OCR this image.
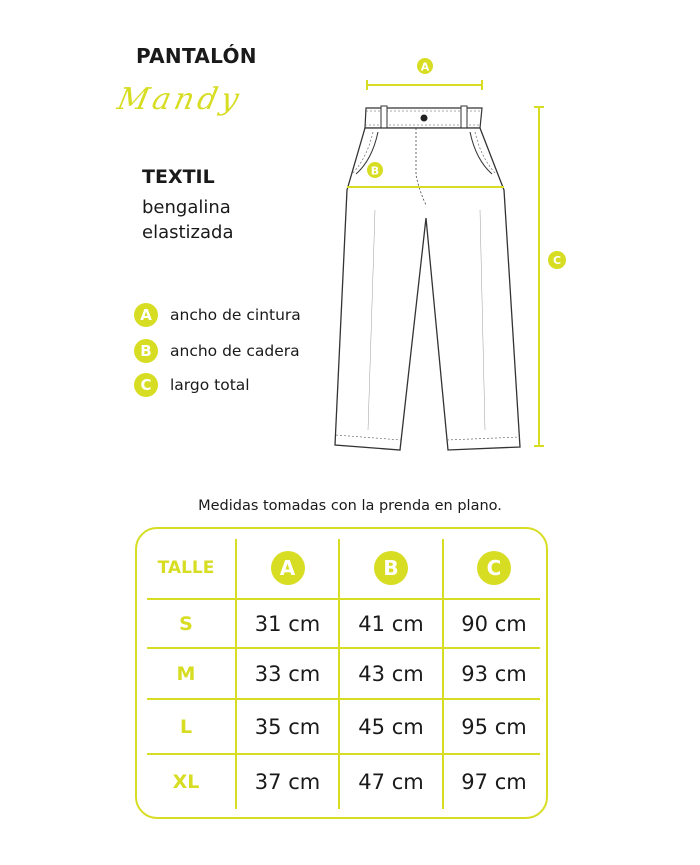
PANTALÓN
Mandy
TEXTIL
bengalina
elastizada
A	ancho de cintura
B	ancho de cadera
C	largo total
A
B
C
Medidas tomadas con la prenda en plano.
TALLE	A	B	C
S	31 cm	41 cm	90 cm
M	33 cm	43 cm	93 cm
L	35 cm	45 cm	95 cm
XL	37 cm	47 cm	97 cm
